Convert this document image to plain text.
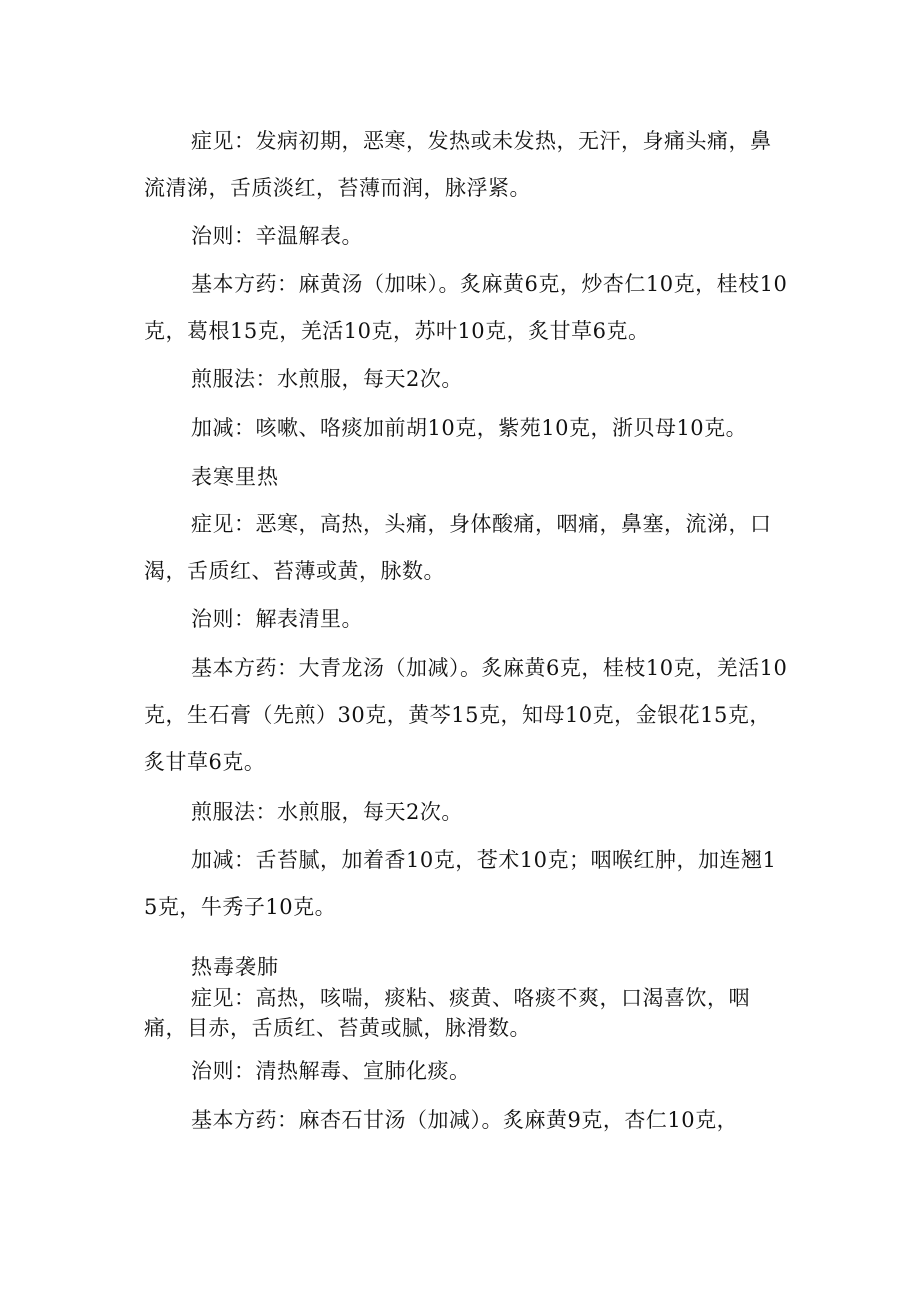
症见：发病初期，恶寒，发热或未发热，无汗，身痛头痛，鼻流清涕，舌质淡红，苔薄而润，脉浮紧。

治则：辛温解表。

基本方药：麻黄汤（加味）。炙麻黄6克，炒杏仁10克，桂枝10克，葛根15克，羌活10克，苏叶10克，炙甘草6克。

煎服法：水煎服，每天2次。

加减：咳嗽、咯痰加前胡10克，紫苑10克，浙贝母10克。

表寒里热

症见：恶寒，高热，头痛，身体酸痛，咽痛，鼻塞，流涕，口渴，舌质红、苔薄或黄，脉数。

治则：解表清里。

基本方药：大青龙汤（加减）。炙麻黄6克，桂枝10克，羌活10克，生石膏（先煎）30克，黄芩15克，知母10克，金银花15克，炙甘草6克。

煎服法：水煎服，每天2次。

加减：舌苔腻，加着香10克，苍术10克；咽喉红肿，加连翘15克，牛秀子10克。

热毒袭肺

症见：高热，咳喘，痰粘、痰黄、咯痰不爽，口渴喜饮，咽痛，目赤，舌质红、苔黄或腻，脉滑数。

治则：清热解毒、宣肺化痰。

基本方药：麻杏石甘汤（加减）。炙麻黄9克，杏仁10克，
